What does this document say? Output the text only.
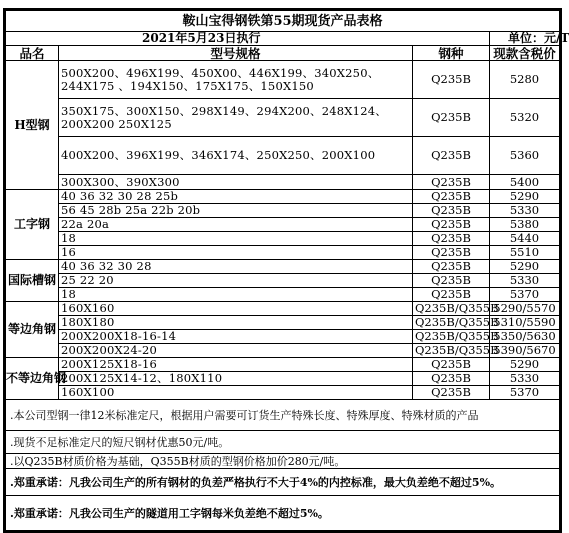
鞍山宝得钢铁第55期现货产品表格			
2021年5月23日执行			单位：元/T
品名	型号规格	钢种	现款含税价
H型钢	500X200、496X199、450X00、446X199、340X250、244X175 、194X150、175X175、150X150	Q235B	5280
	350X175、300X150、298X149、294X200、248X124、200X200 250X125	Q235B	5320
	400X200、396X199、346X174、250X250、200X100	Q235B	5360
	300X300、390X300	Q235B	5400
工字钢	40 36 32 30 28 25b	Q235B	5290
	56 45 28b 25a 22b 20b	Q235B	5330
	22a 20a	Q235B	5380
	18	Q235B	5440
	16	Q235B	5510
国际槽钢	40 36 32 30 28	Q235B	5290
	25 22 20	Q235B	5330
	18	Q235B	5370
等边角钢	160X160	Q235B/Q355B	5290/5570
	180X180	Q235B/Q355B	5310/5590
	200X200X18-16-14	Q235B/Q355B	5350/5630
	200X200X24-20	Q235B/Q355B	5390/5670
不等边角钢	200X125X18-16	Q235B	5290
	200X125X14-12、180X110	Q235B	5330
	160X100	Q235B	5370
.本公司型钢一律12米标准定尺，根据用户需要可订货生产特殊长度、特殊厚度、特殊材质的产品			
.现货不足标准定尺的短尺钢材优惠50元/吨。			
.以Q235B材质价格为基础，Q355B材质的型钢价格加价280元/吨。			
.郑重承诺：凡我公司生产的所有钢材的负差严格执行不大于4%的内控标准，最大负差绝不超过5%。			
.郑重承诺：凡我公司生产的隧道用工字钢每米负差绝不超过5%。			
